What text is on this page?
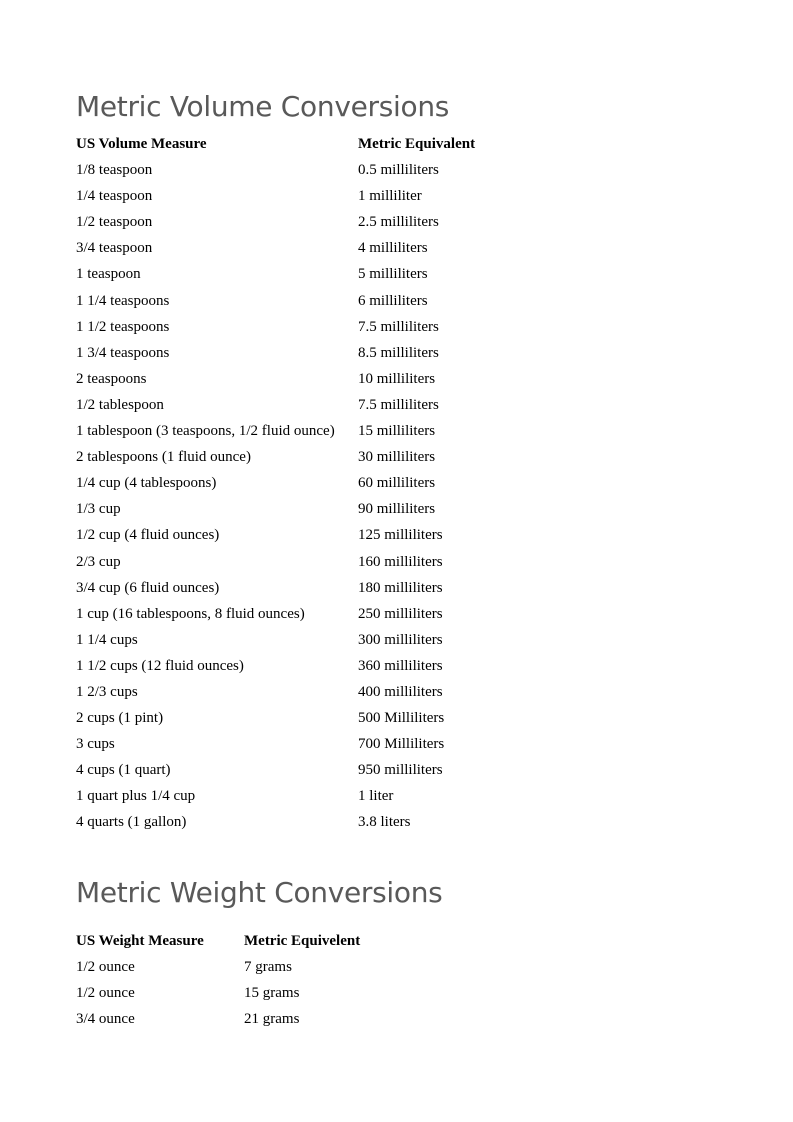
Metric Volume Conversions
US Volume Measure	Metric Equivalent
1/8 teaspoon	0.5 milliliters
1/4 teaspoon	1 milliliter
1/2 teaspoon	2.5 milliliters
3/4 teaspoon	4 milliliters
1 teaspoon	5 milliliters
1 1/4 teaspoons	6 milliliters
1 1/2 teaspoons	7.5 milliliters
1 3/4 teaspoons	8.5 milliliters
2 teaspoons	10 milliliters
1/2 tablespoon	7.5 milliliters
1 tablespoon (3 teaspoons, 1/2 fluid ounce)	15 milliliters
2 tablespoons (1 fluid ounce)	30 milliliters
1/4 cup (4 tablespoons)	60 milliliters
1/3 cup	90 milliliters
1/2 cup (4 fluid ounces)	125 milliliters
2/3 cup	160 milliliters
3/4 cup (6 fluid ounces)	180 milliliters
1 cup (16 tablespoons, 8 fluid ounces)	250 milliliters
1 1/4 cups	300 milliliters
1 1/2 cups (12 fluid ounces)	360 milliliters
1 2/3 cups	400 milliliters
2 cups (1 pint)	500 Milliliters
3 cups	700 Milliliters
4 cups (1 quart)	950 milliliters
1 quart plus 1/4 cup	1 liter
4 quarts (1 gallon)	3.8 liters
Metric Weight Conversions
US Weight Measure	Metric Equivelent
1/2 ounce	7 grams
1/2 ounce	15 grams
3/4 ounce	21 grams
